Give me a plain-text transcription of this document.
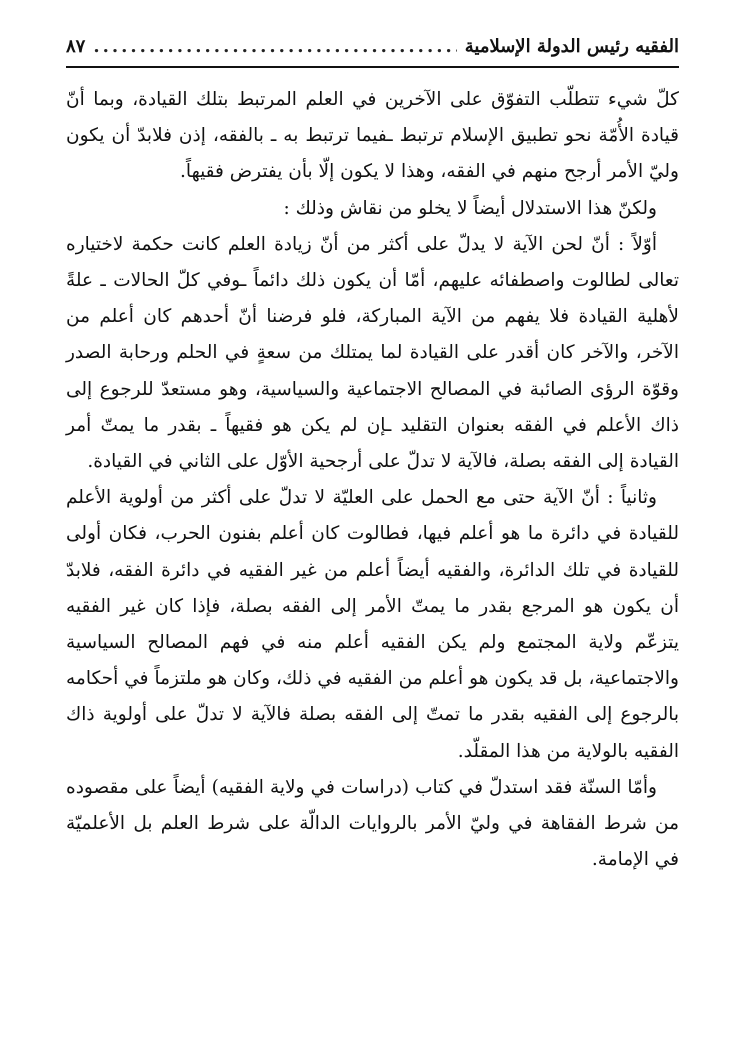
الفقيه رئيس الدولة الإسلامية
.....
٨٧

كلّ شيء تتطلّب التفوّق على الآخرين في العلم المرتبط بتلك القيادة، وبما أنّ قيادة الأُمّة نحو تطبيق الإسلام ترتبط ـفيما ترتبط به ـ بالفقه، إذن فلابدّ أن يكون وليّ الأمر أرجح منهم في الفقه، وهذا لا يكون إلّا بأن يفترض فقيهاً.

ولكنّ هذا الاستدلال أيضاً لا يخلو من نقاش وذلك :

أوّلاً : أنّ لحن الآية لا يدلّ على أكثر من أنّ زيادة العلم كانت حكمة لاختياره تعالى لطالوت واصطفائه عليهم، أمّا أن يكون ذلك دائماً ـوفي كلّ الحالات ـ علةً لأهلية القيادة فلا يفهم من الآية المباركة، فلو فرضنا أنّ أحدهم كان أعلم من الآخر، والآخر كان أقدر على القيادة لما يمتلك من سعةٍ في الحلم ورحابة الصدر وقوّة الرؤى الصائبة في المصالح الاجتماعية والسياسية، وهو مستعدّ للرجوع إلى ذاك الأعلم في الفقه بعنوان التقليد ـإن لم يكن هو فقيهاً ـ بقدر ما يمتّ أمر القيادة إلى الفقه بصلة، فالآية لا تدلّ على أرجحية الأوّل على الثاني في القيادة.

وثانياً : أنّ الآية حتى مع الحمل على العليّة لا تدلّ على أكثر من أولوية الأعلم للقيادة في دائرة ما هو أعلم فيها، فطالوت كان أعلم بفنون الحرب، فكان أولى للقيادة في تلك الدائرة، والفقيه أيضاً أعلم من غير الفقيه في دائرة الفقه، فلابدّ أن يكون هو المرجع بقدر ما يمتّ الأمر إلى الفقه بصلة، فإذا كان غير الفقيه يتزعّم ولاية المجتمع ولم يكن الفقيه أعلم منه في فهم المصالح السياسية والاجتماعية، بل قد يكون هو أعلم من الفقيه في ذلك، وكان هو ملتزماً في أحكامه بالرجوع إلى الفقيه بقدر ما تمتّ إلى الفقه بصلة فالآية لا تدلّ على أولوية ذاك الفقيه بالولاية من هذا المقلّد.

وأمّا السنّة فقد استدلّ في كتاب (دراسات في ولاية الفقيه) أيضاً على مقصوده من شرط الفقاهة في وليّ الأمر بالروايات الدالّة على شرط العلم بل الأعلميّة في الإمامة.
